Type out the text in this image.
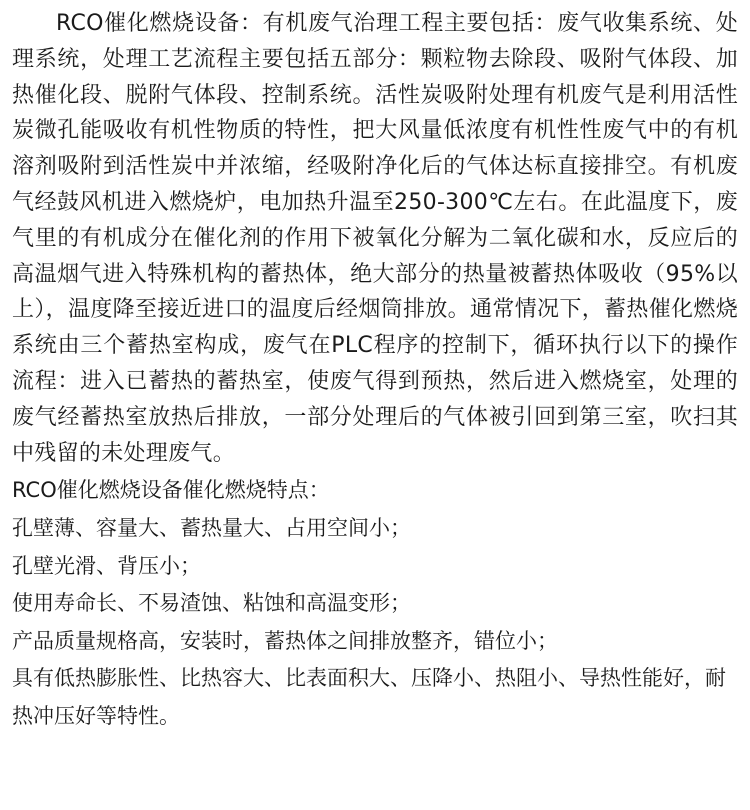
RCO催化燃烧设备：有机废气治理工程主要包括：废气收集系统、处理系统，处理工艺流程主要包括五部分：颗粒物去除段、吸附气体段、加热催化段、脱附气体段、控制系统。活性炭吸附处理有机废气是利用活性炭微孔能吸收有机性物质的特性，把大风量低浓度有机性性废气中的有机溶剂吸附到活性炭中并浓缩，经吸附净化后的气体达标直接排空。有机废气经鼓风机进入燃烧炉，电加热升温至250-300℃左右。在此温度下，废气里的有机成分在催化剂的作用下被氧化分解为二氧化碳和水，反应后的高温烟气进入特殊机构的蓄热体，绝大部分的热量被蓄热体吸收（95%以上），温度降至接近进口的温度后经烟筒排放。通常情况下，蓄热催化燃烧系统由三个蓄热室构成，废气在PLC程序的控制下，循环执行以下的操作流程：进入已蓄热的蓄热室，使废气得到预热，然后进入燃烧室，处理的废气经蓄热室放热后排放，一部分处理后的气体被引回到第三室，吹扫其中残留的未处理废气。

RCO催化燃烧设备催化燃烧特点：

孔壁薄、容量大、蓄热量大、占用空间小；
孔壁光滑、背压小；
使用寿命长、不易渣蚀、粘蚀和高温变形；
产品质量规格高，安装时，蓄热体之间排放整齐，错位小；
具有低热膨胀性、比热容大、比表面积大、压降小、热阻小、导热性能好，耐热冲压好等特性。
